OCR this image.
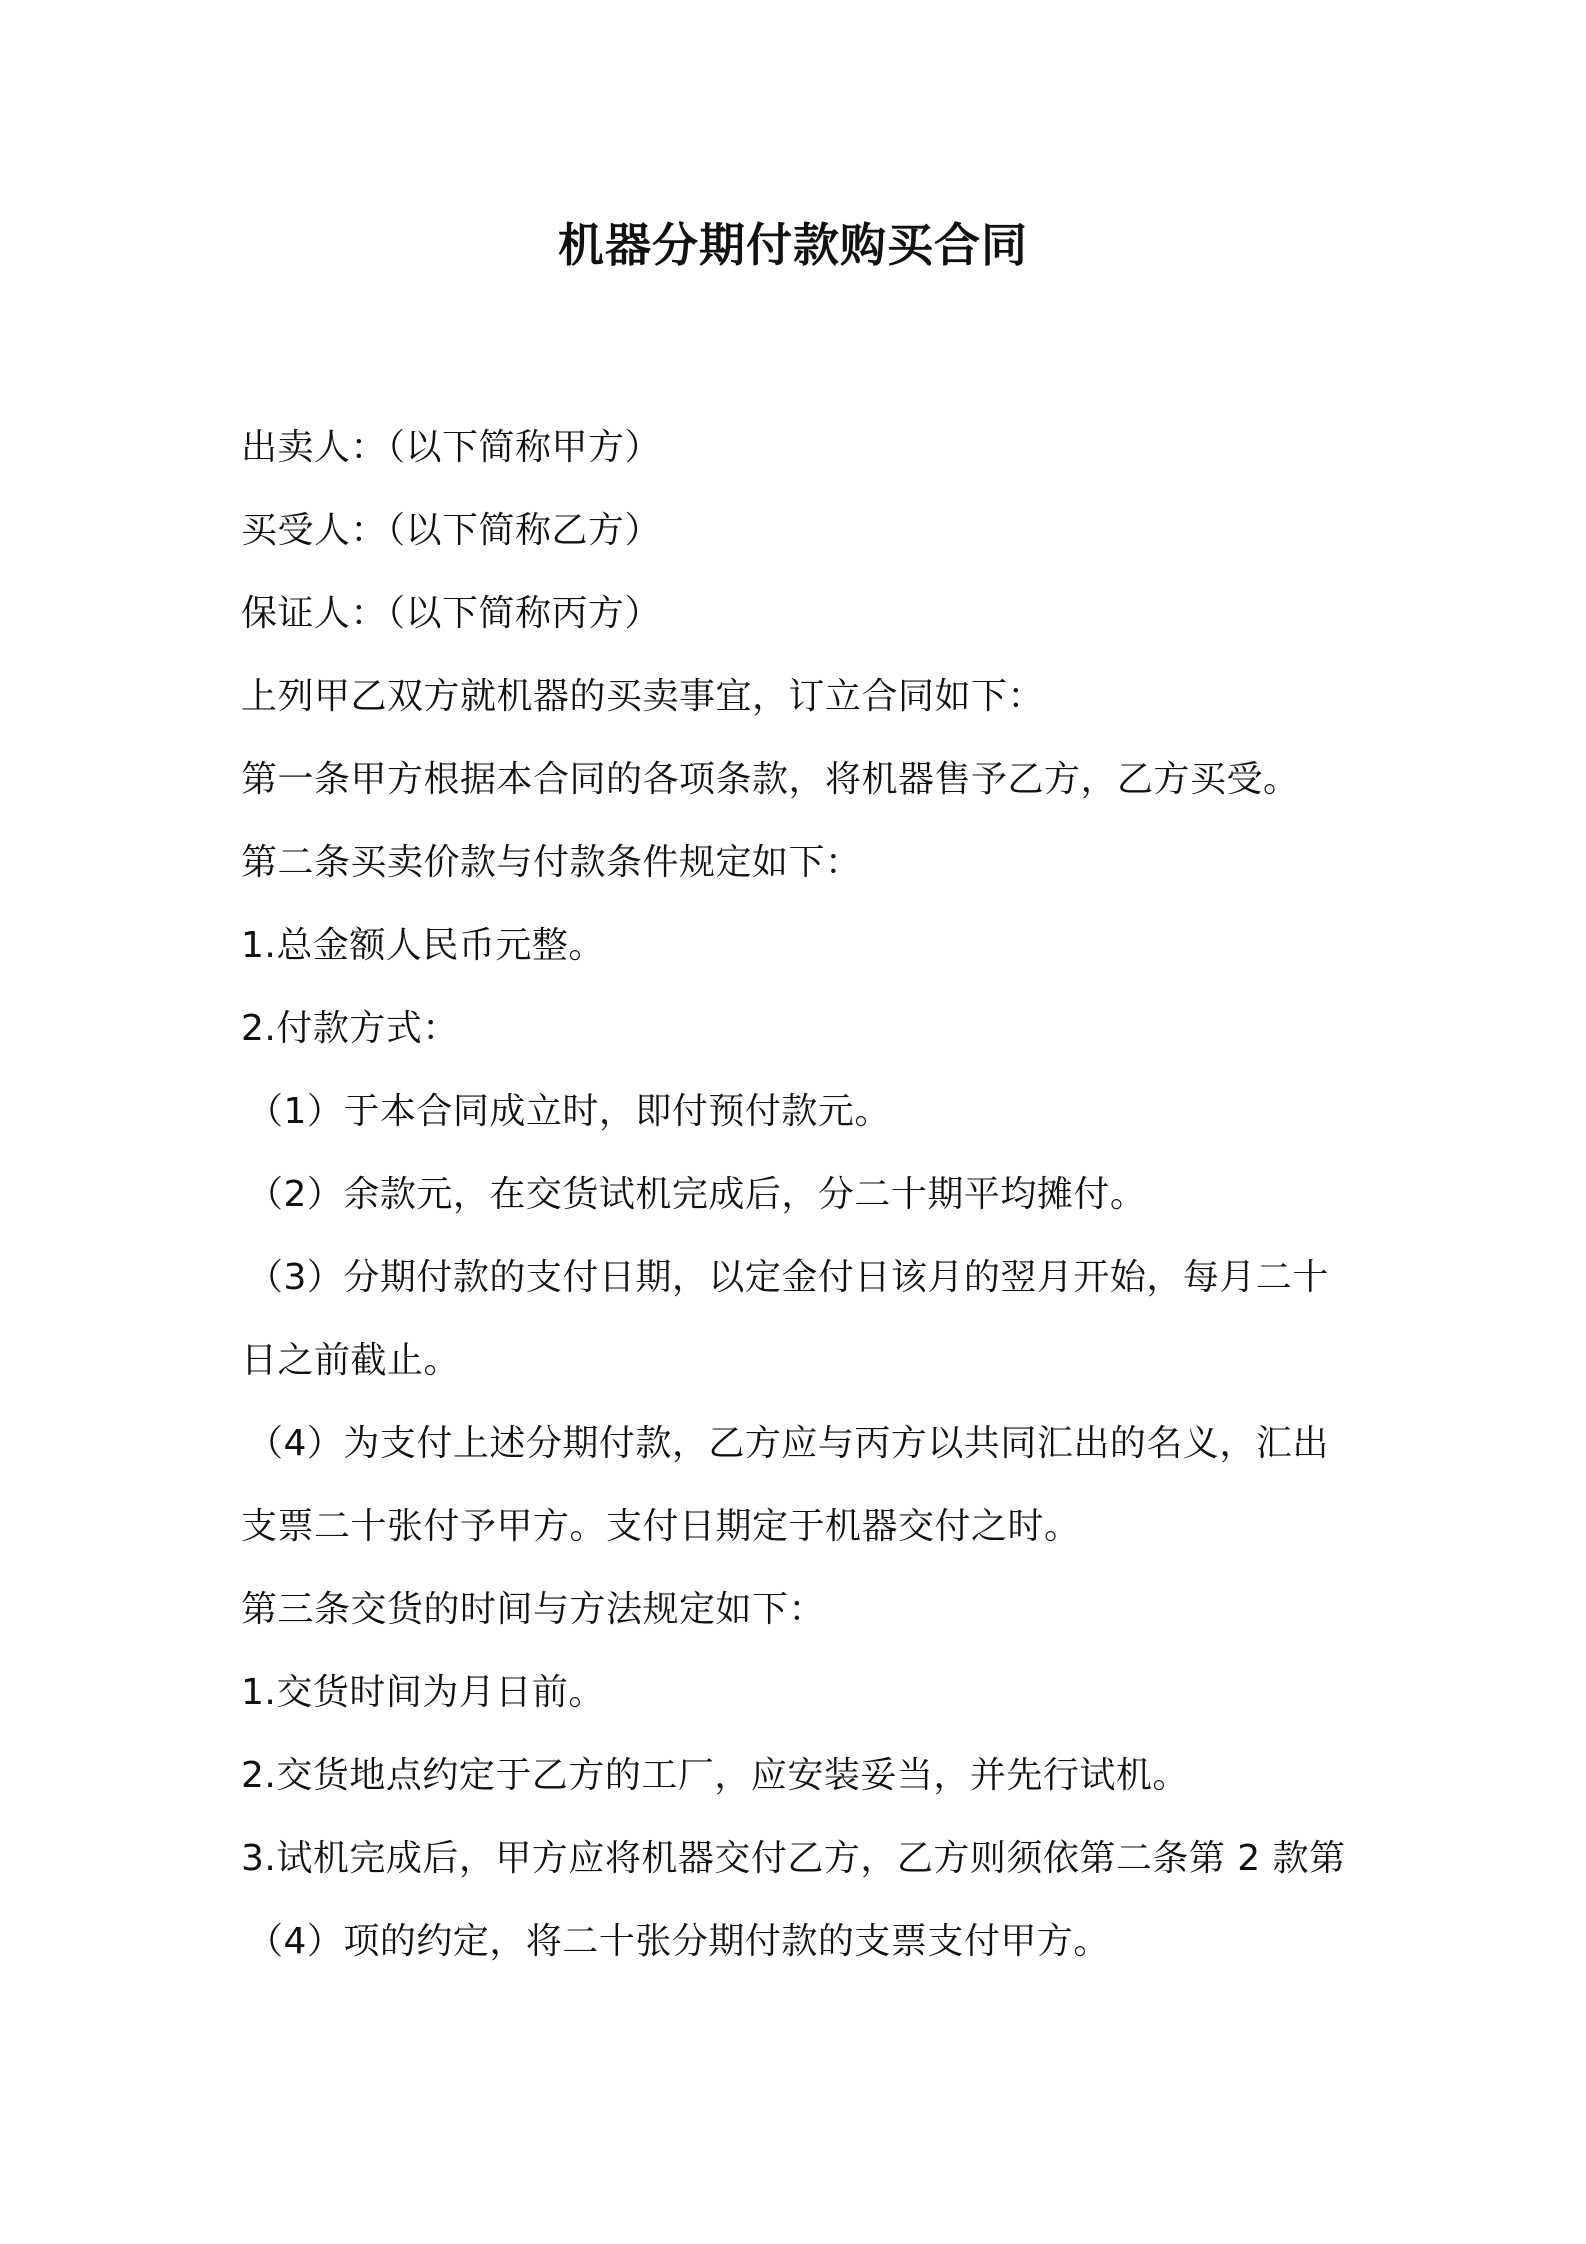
机器分期付款购买合同
出卖人：（以下简称甲方）
买受人：（以下简称乙方）
保证人：（以下简称丙方）
上列甲乙双方就机器的买卖事宜，订立合同如下：
第一条甲方根据本合同的各项条款，将机器售予乙方，乙方买受。
第二条买卖价款与付款条件规定如下：
1.总金额人民币元整。
2.付款方式：
（1）于本合同成立时，即付预付款元。
（2）余款元，在交货试机完成后，分二十期平均摊付。
（3）分期付款的支付日期，以定金付日该月的翌月开始，每月二十
日之前截止。
（4）为支付上述分期付款，乙方应与丙方以共同汇出的名义，汇出
支票二十张付予甲方。支付日期定于机器交付之时。
第三条交货的时间与方法规定如下：
1.交货时间为月日前。
2.交货地点约定于乙方的工厂，应安装妥当，并先行试机。
3.试机完成后，甲方应将机器交付乙方，乙方则须依第二条第 2 款第
（4）项的约定，将二十张分期付款的支票支付甲方。
